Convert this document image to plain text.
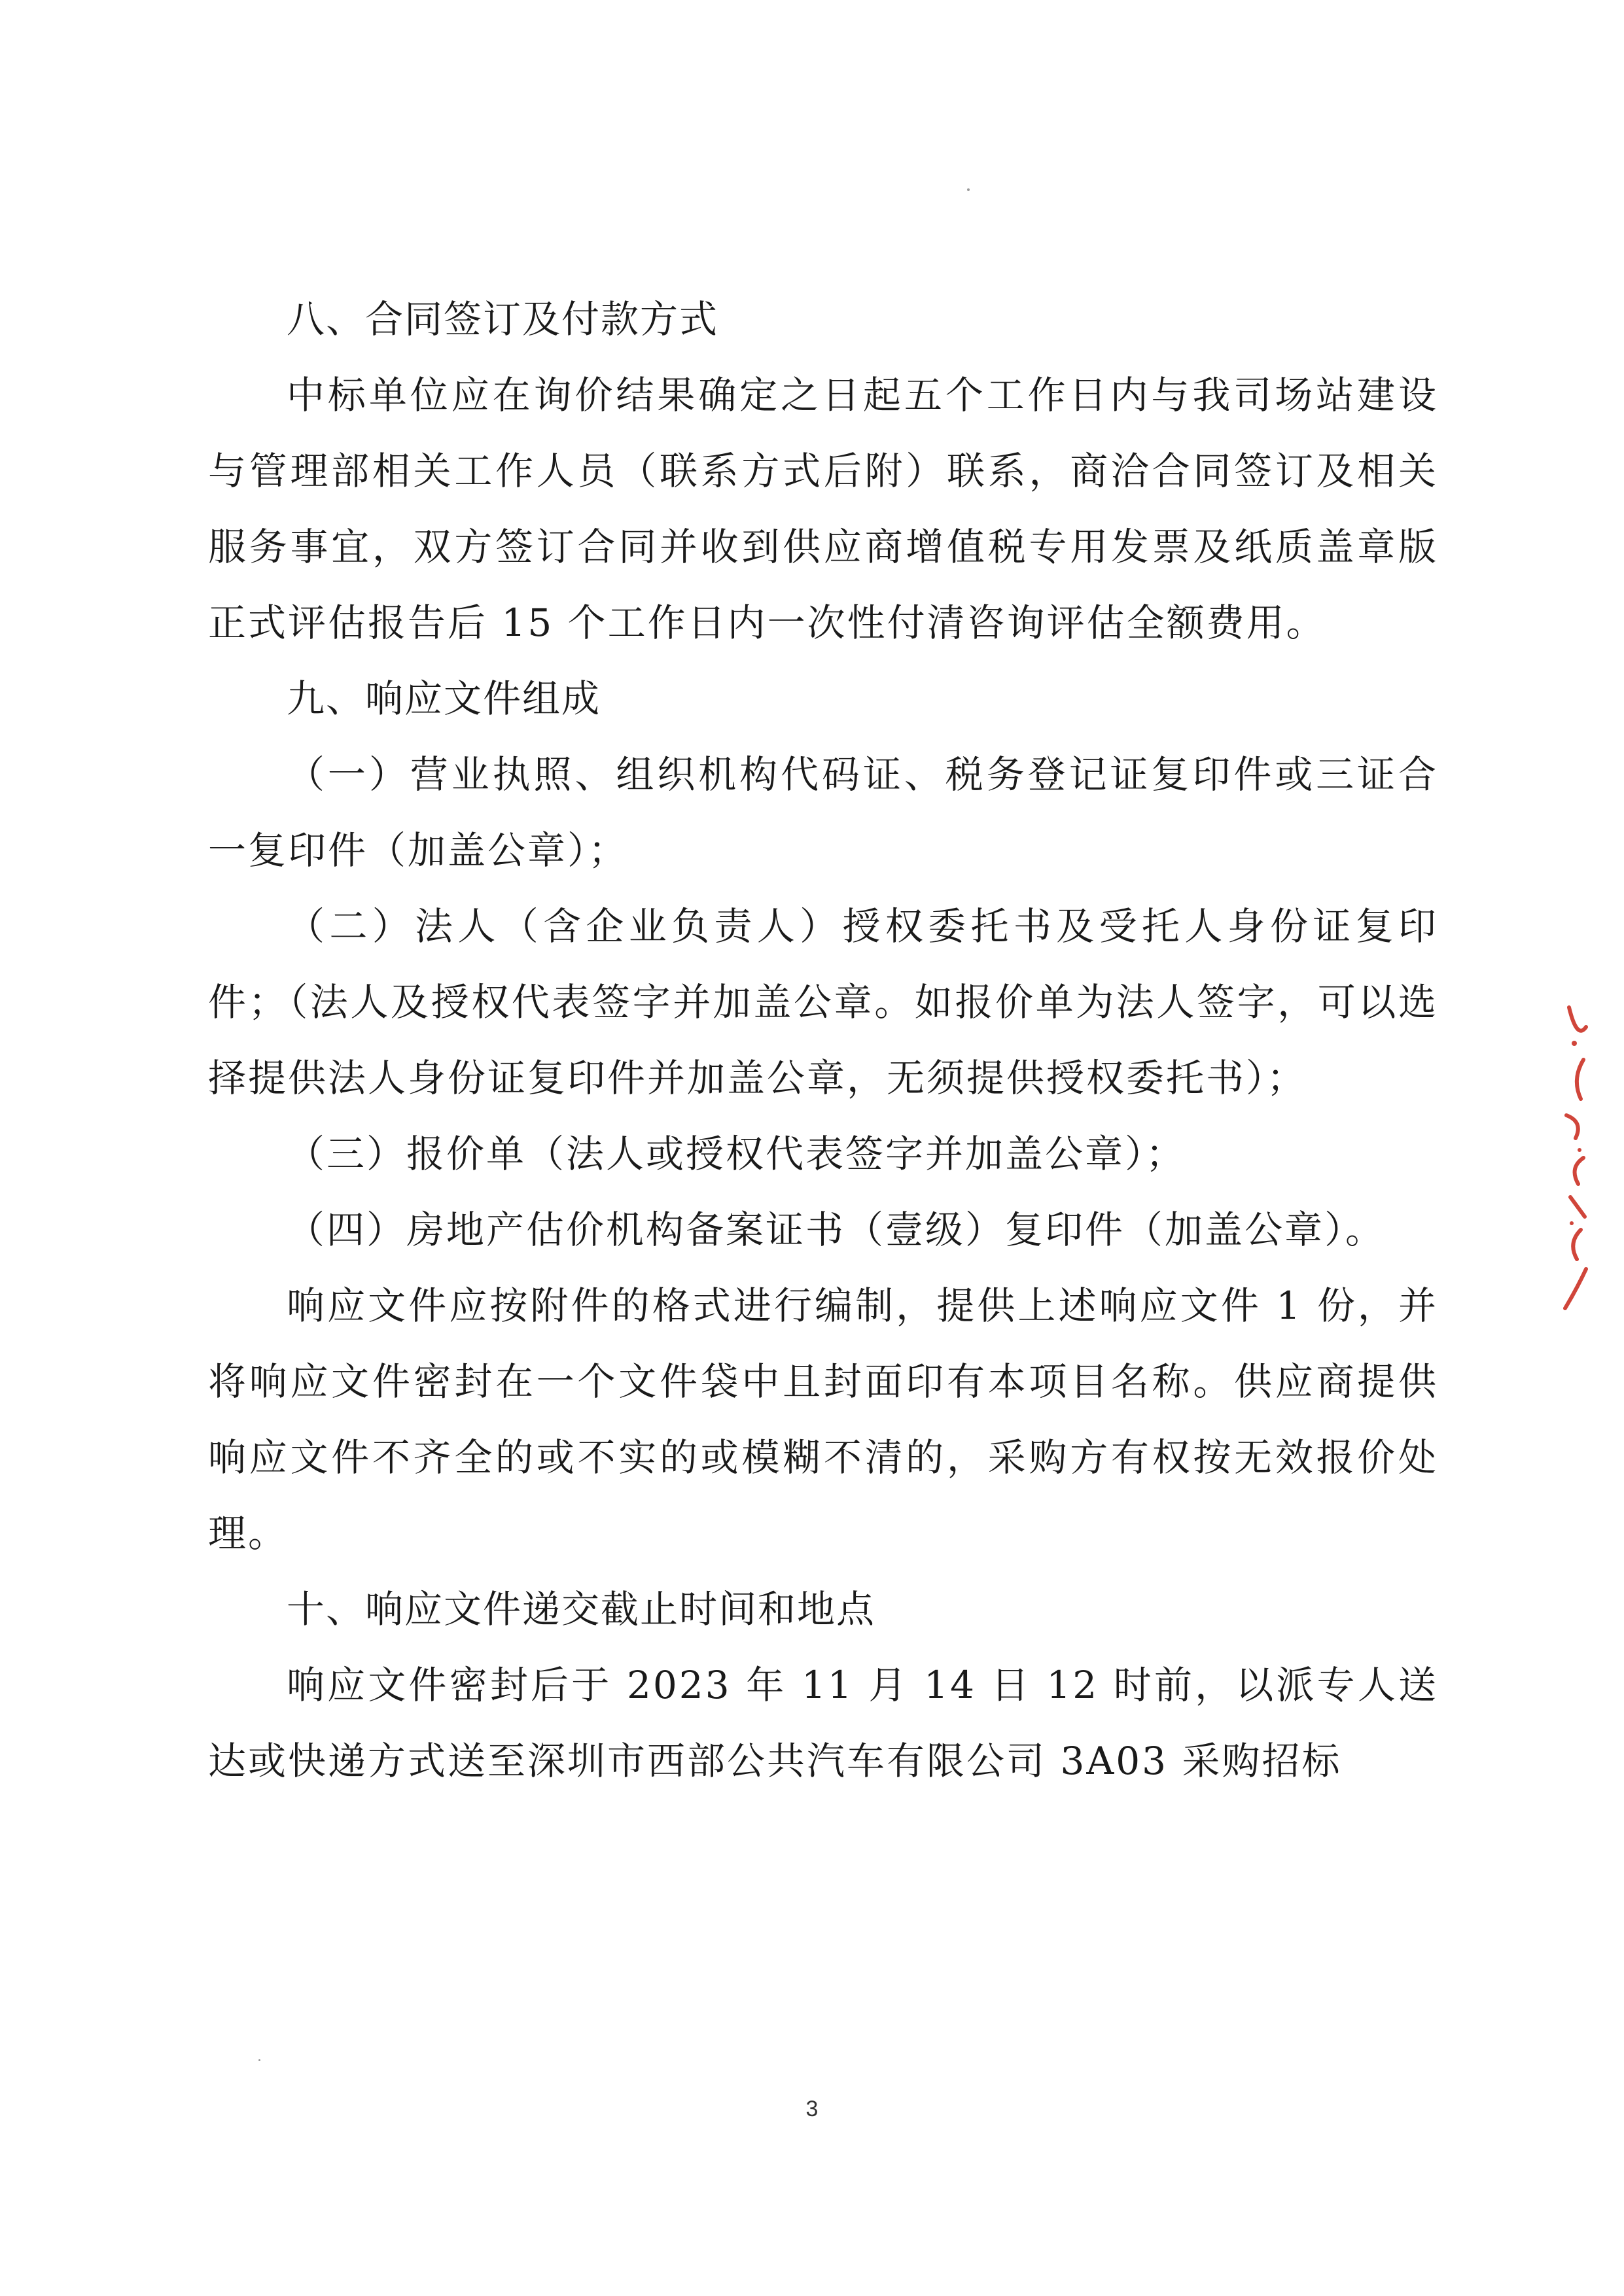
八、合同签订及付款方式

中标单位应在询价结果确定之日起五个工作日内与我司场站建设与管理部相关工作人员（联系方式后附）联系，商洽合同签订及相关服务事宜，双方签订合同并收到供应商增值税专用发票及纸质盖章版正式评估报告后 15 个工作日内一次性付清咨询评估全额费用。

九、响应文件组成

（一）营业执照、组织机构代码证、税务登记证复印件或三证合一复印件（加盖公章）；

（二）法人（含企业负责人）授权委托书及受托人身份证复印件；（法人及授权代表签字并加盖公章。如报价单为法人签字，可以选择提供法人身份证复印件并加盖公章，无须提供授权委托书）；

（三）报价单（法人或授权代表签字并加盖公章）；

（四）房地产估价机构备案证书（壹级）复印件（加盖公章）。

响应文件应按附件的格式进行编制，提供上述响应文件 1 份，并将响应文件密封在一个文件袋中且封面印有本项目名称。供应商提供响应文件不齐全的或不实的或模糊不清的，采购方有权按无效报价处理。

十、响应文件递交截止时间和地点

响应文件密封后于 2023 年 11 月 14 日 12 时前，以派专人送达或快递方式送至深圳市西部公共汽车有限公司 3A03 采购招标

3
